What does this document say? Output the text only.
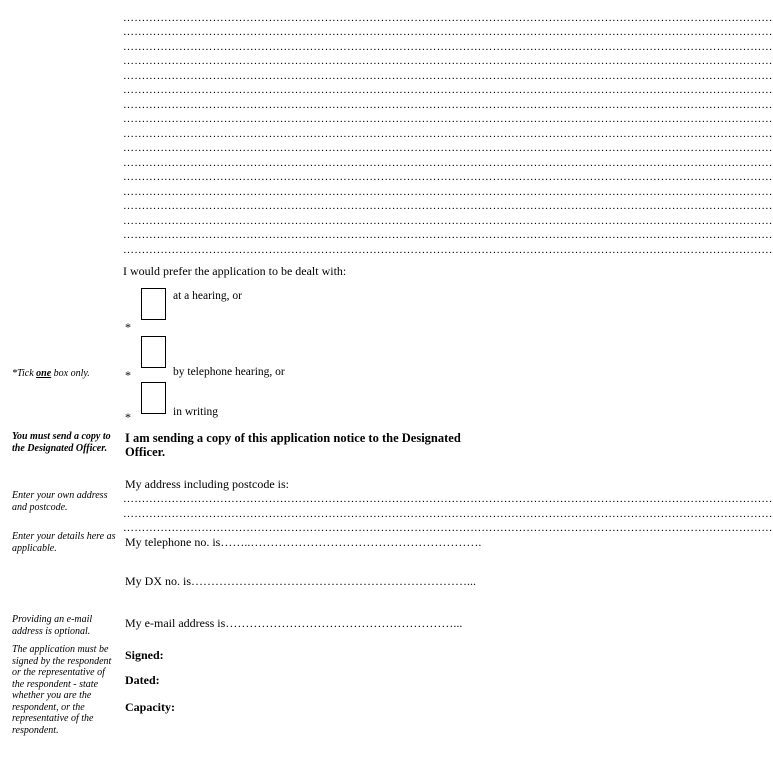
…………………………………………………………………………………………………………………………………………………………
…………………………………………………………………………………………………………………………………………………………
…………………………………………………………………………………………………………………………………………………………
…………………………………………………………………………………………………………………………………………………………
…………………………………………………………………………………………………………………………………………………………
…………………………………………………………………………………………………………………………………………………………
…………………………………………………………………………………………………………………………………………………………
…………………………………………………………………………………………………………………………………………………………
…………………………………………………………………………………………………………………………………………………………
…………………………………………………………………………………………………………………………………………………………
…………………………………………………………………………………………………………………………………………………………
…………………………………………………………………………………………………………………………………………………………
…………………………………………………………………………………………………………………………………………………………
…………………………………………………………………………………………………………………………………………………………
…………………………………………………………………………………………………………………………………………………………
…………………………………………………………………………………………………………………………………………………………
…………………………………………………………………………………………………………………………………………………………
I would prefer the application to be dealt with:
*
at a hearing, or
*Tick one box only.	*	by telephone hearing, or
*	in writing
You must send a copy to the Designated Officer.
I am sending a copy of this application notice to the Designated Officer.
My address including postcode is:
Enter your own address and postcode.
…………………………………………………………………………………………………………………………………………………………
…………………………………………………………………………………………………………………………………………………………
…………………………………………………………………………………………………………………………………………………………
Enter your details here as applicable.	My telephone no. is……..………………………………………………….
My DX no. is……………………………………………………………...
Providing an e-mail address is optional.
My e-mail address is…………………………………………………...
The application must be signed by the respondent or the representative of the respondent - state whether you are the respondent, or the representative of the respondent.
Signed:
Dated:
Capacity:
